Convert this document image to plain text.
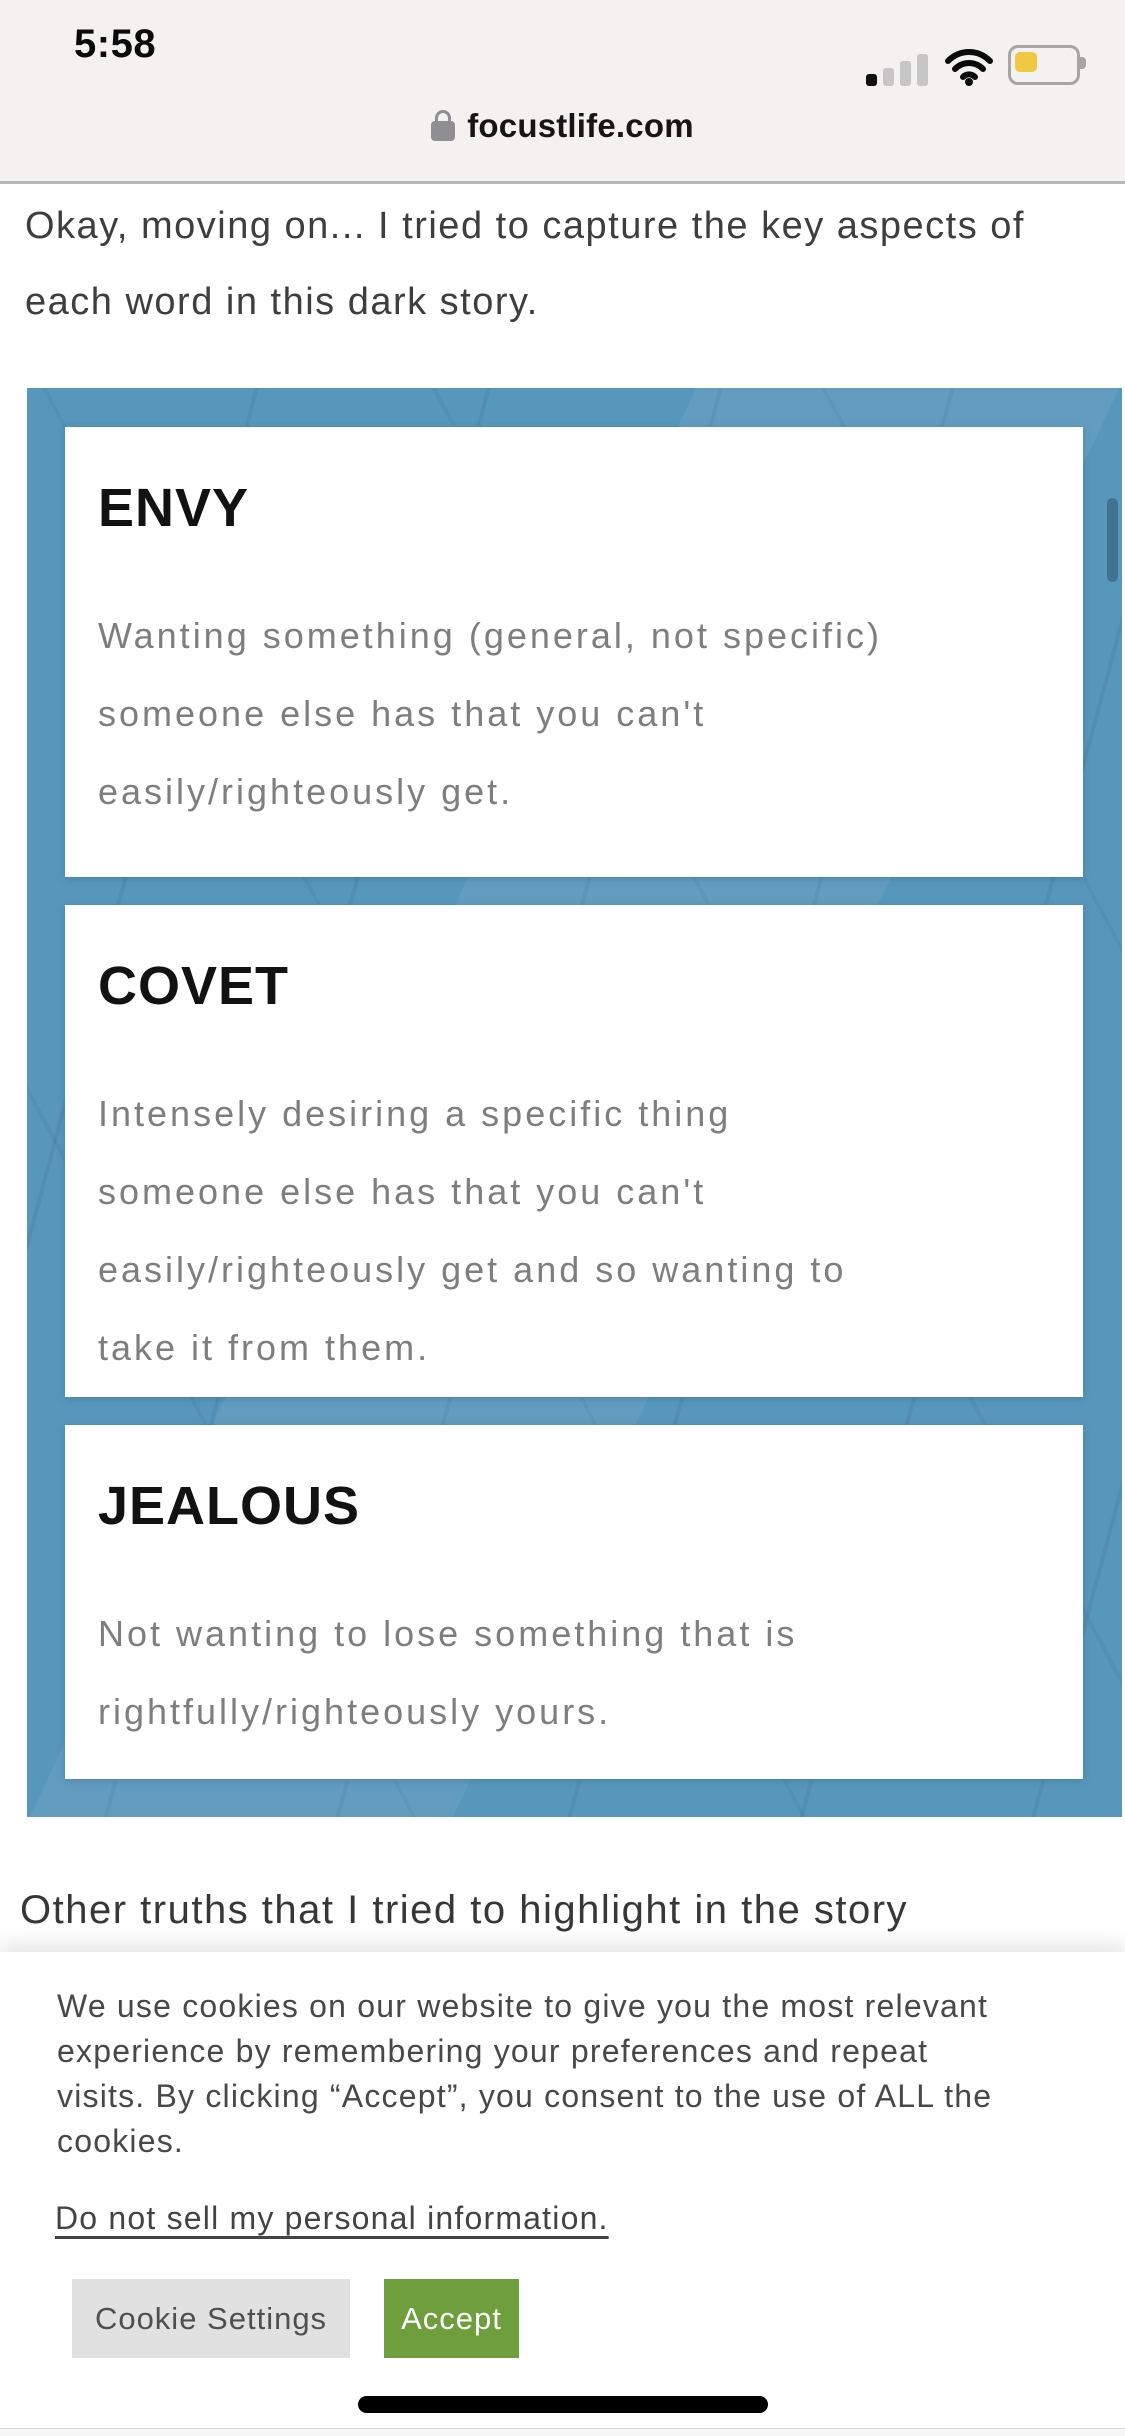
5:58
focustlife.com
Okay, moving on... I tried to capture the key aspects of each word in this dark story.
ENVY

Wanting something (general, not specific) someone else has that you can't easily/righteously get.

COVET

Intensely desiring a specific thing someone else has that you can't easily/righteously get and so wanting to take it from them.

JEALOUS

Not wanting to lose something that is rightfully/righteously yours.

Other truths that I tried to highlight in the story
We use cookies on our website to give you the most relevant experience by remembering your preferences and repeat visits. By clicking “Accept”, you consent to the use of ALL the cookies.
Do not sell my personal information.
Cookie Settings	Accept
